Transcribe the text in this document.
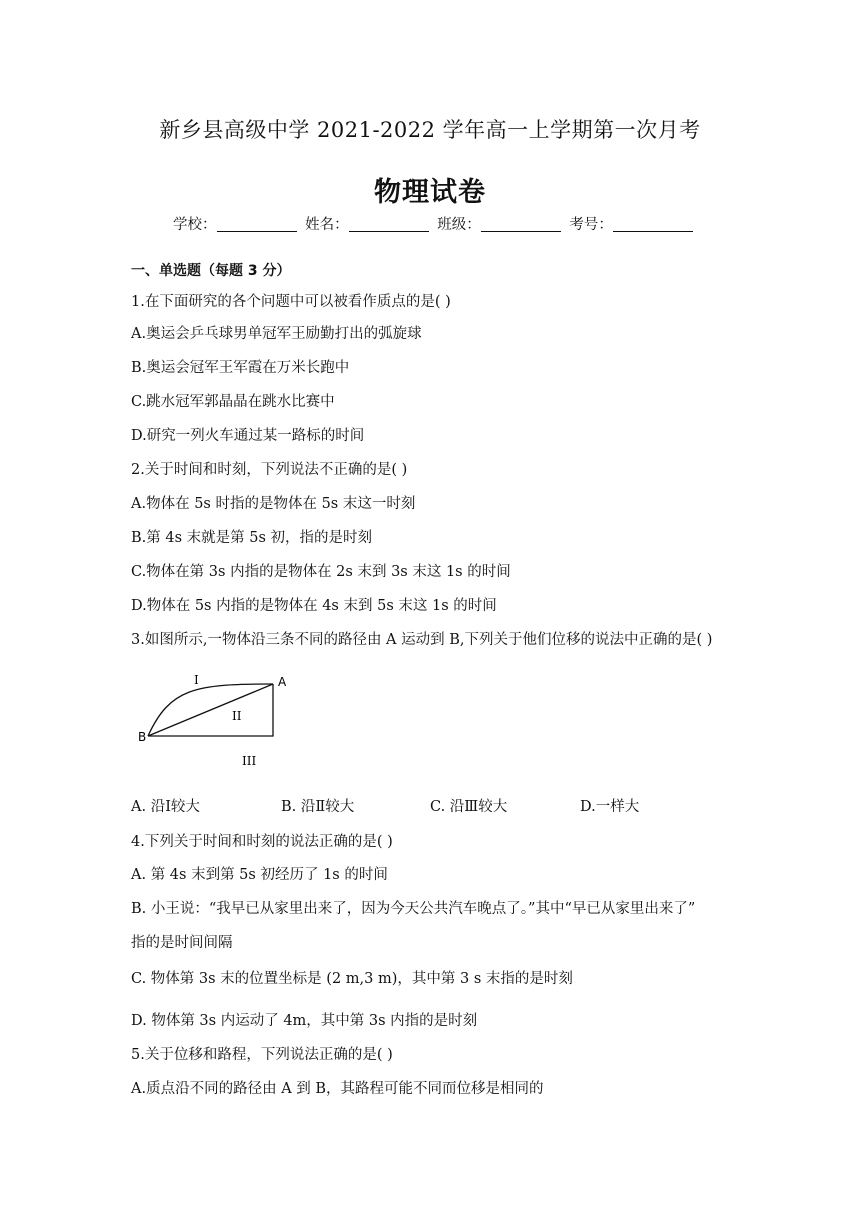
新乡县高级中学 2021-2022 学年高一上学期第一次月考
物理试卷
学校：	姓名：	班级：	考号：
一、单选题（每题 3 分）
1.在下面研究的各个问题中可以被看作质点的是( )
A.奥运会乒乓球男单冠军王励勤打出的弧旋球
B.奥运会冠军王军霞在万米长跑中
C.跳水冠军郭晶晶在跳水比赛中
D.研究一列火车通过某一路标的时间
2.关于时间和时刻，下列说法不正确的是( )
A.物体在 5s 时指的是物体在 5s 末这一时刻
B.第 4s 末就是第 5s 初，指的是时刻
C.物体在第 3s 内指的是物体在 2s 末到 3s 末这 1s 的时间
D.物体在 5s 内指的是物体在 4s 末到 5s 末这 1s 的时间
3.如图所示,一物体沿三条不同的路径由 A 运动到 B,下列关于他们位移的说法中正确的是( )
A
B
I
II
III
A. 沿Ⅰ较大	B. 沿Ⅱ较大	C. 沿Ⅲ较大	D.一样大
4.下列关于时间和时刻的说法正确的是( )
A. 第 4s 末到第 5s 初经历了 1s 的时间
B. 小王说：“我早已从家里出来了，因为今天公共汽车晚点了。”其中“早已从家里出来了”
指的是时间间隔
C. 物体第 3s 末的位置坐标是 (2 m,3 m)，其中第 3 s 末指的是时刻
D. 物体第 3s 内运动了 4m，其中第 3s 内指的是时刻
5.关于位移和路程，下列说法正确的是( )
A.质点沿不同的路径由 A 到 B，其路程可能不同而位移是相同的
